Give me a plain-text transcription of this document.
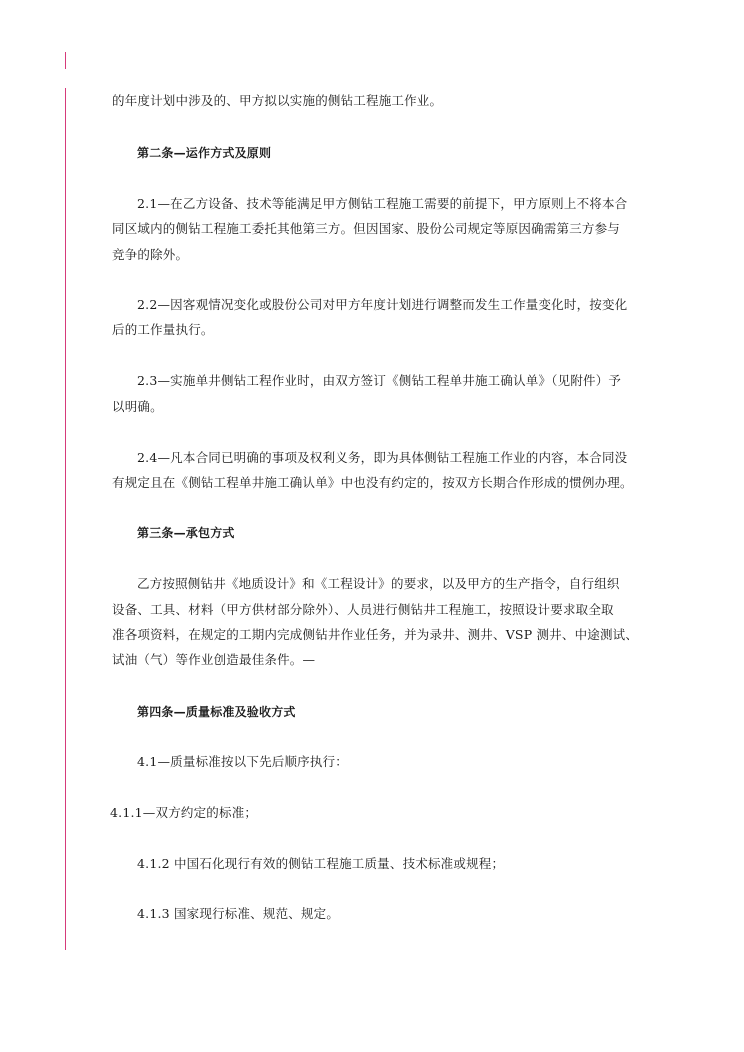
的年度计划中涉及的、甲方拟以实施的侧钻工程施工作业。
第二条—运作方式及原则
2.1—在乙方设备、技术等能满足甲方侧钻工程施工需要的前提下，甲方原则上不将本合
同区域内的侧钻工程施工委托其他第三方。但因国家、股份公司规定等原因确需第三方参与
竞争的除外。
2.2—因客观情况变化或股份公司对甲方年度计划进行调整而发生工作量变化时，按变化
后的工作量执行。
2.3—实施单井侧钻工程作业时，由双方签订《侧钻工程单井施工确认单》（见附件）予
以明确。
2.4—凡本合同已明确的事项及权利义务，即为具体侧钻工程施工作业的内容，本合同没
有规定且在《侧钻工程单井施工确认单》中也没有约定的，按双方长期合作形成的惯例办理。
第三条—承包方式
乙方按照侧钻井《地质设计》和《工程设计》的要求，以及甲方的生产指令，自行组织
设备、工具、材料（甲方供材部分除外）、人员进行侧钻井工程施工，按照设计要求取全取
准各项资料，在规定的工期内完成侧钻井作业任务，并为录井、测井、VSP 测井、中途测试、
试油（气）等作业创造最佳条件。—
第四条—质量标准及验收方式
4.1—质量标准按以下先后顺序执行：
4.1.1—双方约定的标准；
4.1.2 中国石化现行有效的侧钻工程施工质量、技术标准或规程；
4.1.3 国家现行标准、规范、规定。
